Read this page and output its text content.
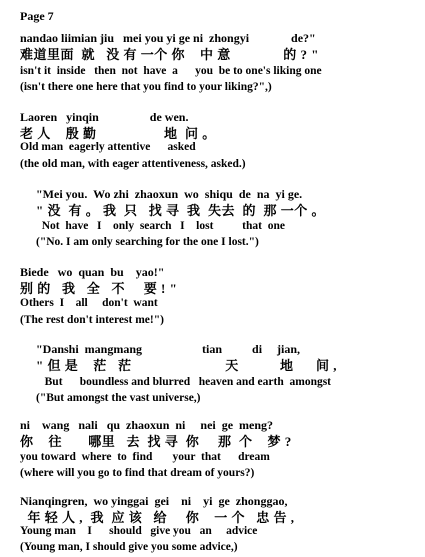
Page 7
nandao liimian jiu   mei you yi ge ni  zhongyi              de?"
难道里面  就   没 有 一个 你    中 意              的 ? "
isn't it  inside   then  not  have  a      you  be to one's liking one
(isn't there one here that you find to your liking?",)
Laoren   yinqin                 de wen.
老 人    殷 勤                  地  问 。
Old man  eagerly attentive      asked
(the old man, with eager attentiveness, asked.)
"Mei you.  Wo zhi  zhaoxun  wo  shiqu  de  na  yi ge.
" 没  有 。 我  只   找 寻  我  失去  的  那 一个 。
Not  have   I    only  search   I    lost          that  one
("No. I am only searching for the one I lost.")
Biede   wo  quan  bu    yao!"
别 的   我   全   不     要 ! "
Others  I    all     don't  want
(The rest don't interest me!")
"Danshi  mangmang                    tian          di     jian,
" 但 是    茫   茫                         天           地      间 ,
But      boundless and blurred   heaven and earth  amongst
("But amongst the vast universe,)
ni    wang   nali   qu  zhaoxun  ni     nei  ge  meng?
你    往       哪里   去  找 寻  你     那  个    梦 ?
you toward  where  to  find       your  that      dream
(where will you go to find that dream of yours?)
Nianqingren,  wo yinggai  gei    ni    yi  ge  zhonggao,
年 轻 人 ,  我  应 该   给     你    一 个   忠 告 ,
Young man    I      should   give you   an     advice
(Young man, I should give you some advice,)
